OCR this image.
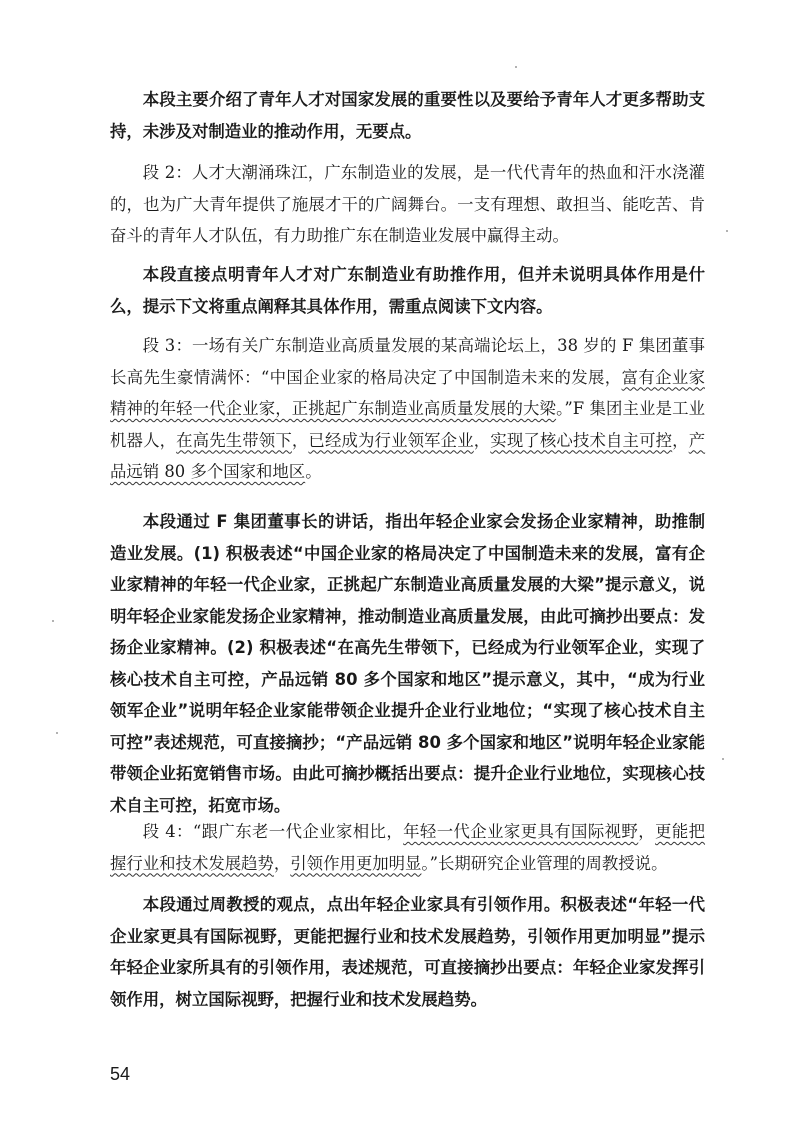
本段主要介绍了青年人才对国家发展的重要性以及要给予青年人才更多帮助支持，未涉及对制造业的推动作用，无要点。

段 2：人才大潮涌珠江，广东制造业的发展，是一代代青年的热血和汗水浇灌的，也为广大青年提供了施展才干的广阔舞台。一支有理想、敢担当、能吃苦、肯奋斗的青年人才队伍，有力助推广东在制造业发展中赢得主动。

本段直接点明青年人才对广东制造业有助推作用，但并未说明具体作用是什么，提示下文将重点阐释其具体作用，需重点阅读下文内容。

段 3：一场有关广东制造业高质量发展的某高端论坛上，38 岁的 F 集团董事长高先生豪情满怀：“中国企业家的格局决定了中国制造未来的发展，富有企业家精神的年轻一代企业家，正挑起广东制造业高质量发展的大梁。”F 集团主业是工业机器人，在高先生带领下，已经成为行业领军企业，实现了核心技术自主可控，产品远销 80 多个国家和地区。

本段通过 F 集团董事长的讲话，指出年轻企业家会发扬企业家精神，助推制造业发展。(1) 积极表述“中国企业家的格局决定了中国制造未来的发展，富有企业家精神的年轻一代企业家，正挑起广东制造业高质量发展的大梁”提示意义，说明年轻企业家能发扬企业家精神，推动制造业高质量发展，由此可摘抄出要点：发扬企业家精神。(2) 积极表述“在高先生带领下，已经成为行业领军企业，实现了核心技术自主可控，产品远销 80 多个国家和地区”提示意义，其中，“成为行业领军企业”说明年轻企业家能带领企业提升企业行业地位；“实现了核心技术自主可控”表述规范，可直接摘抄；“产品远销 80 多个国家和地区”说明年轻企业家能带领企业拓宽销售市场。由此可摘抄概括出要点：提升企业行业地位，实现核心技术自主可控，拓宽市场。

段 4：“跟广东老一代企业家相比，年轻一代企业家更具有国际视野，更能把握行业和技术发展趋势，引领作用更加明显。”长期研究企业管理的周教授说。

本段通过周教授的观点，点出年轻企业家具有引领作用。积极表述“年轻一代企业家更具有国际视野，更能把握行业和技术发展趋势，引领作用更加明显”提示年轻企业家所具有的引领作用，表述规范，可直接摘抄出要点：年轻企业家发挥引领作用，树立国际视野，把握行业和技术发展趋势。

54
